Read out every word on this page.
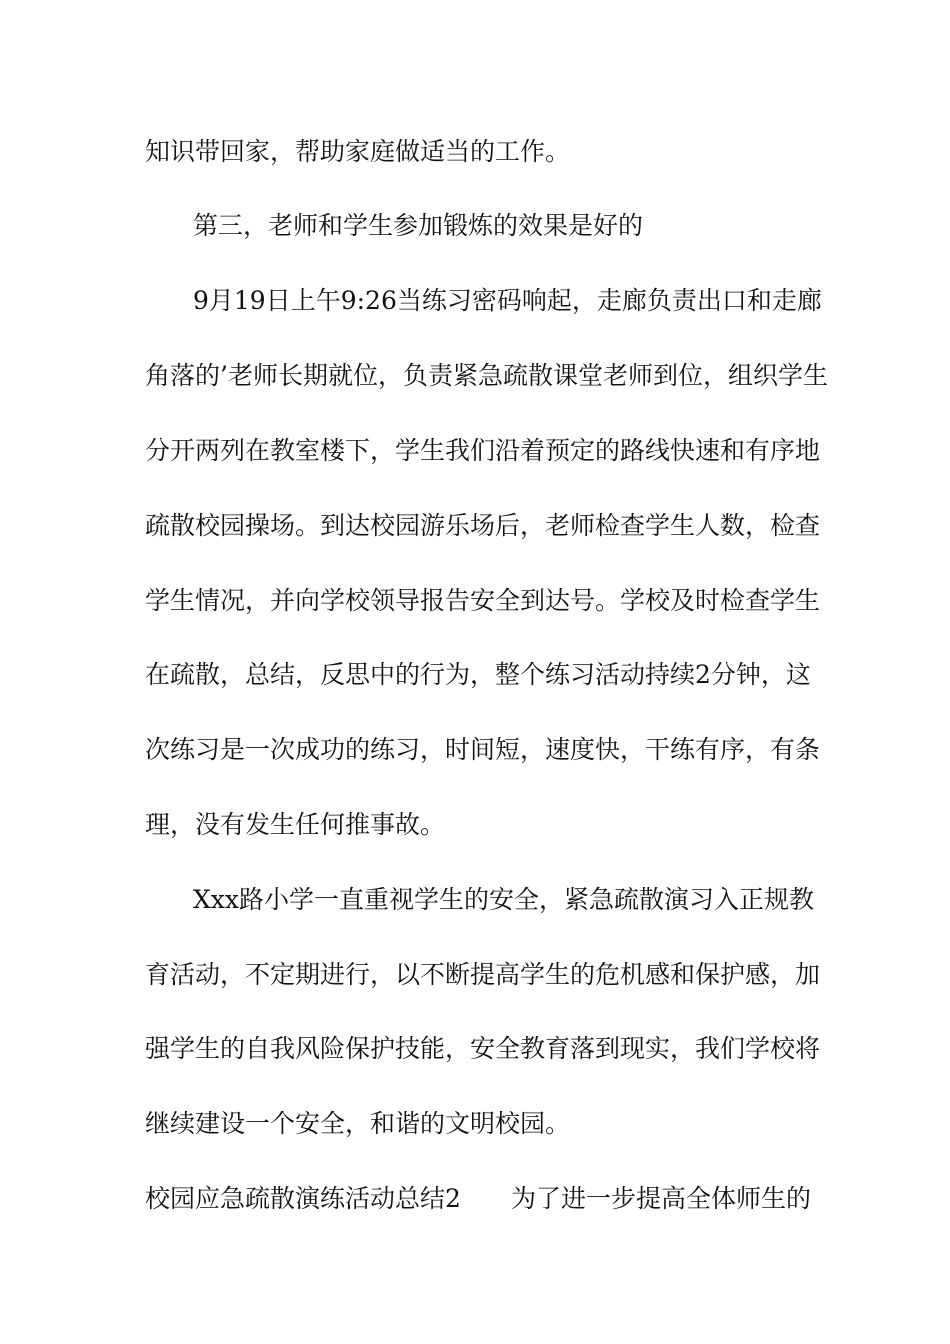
知识带回家，帮助家庭做适当的工作。
第三，老师和学生参加锻炼的效果是好的
9月19日上午9:26当练习密码响起，走廊负责出口和走廊
角落的’老师长期就位，负责紧急疏散课堂老师到位，组织学生
分开两列在教室楼下，学生我们沿着预定的路线快速和有序地
疏散校园操场。到达校园游乐场后，老师检查学生人数，检查
学生情况，并向学校领导报告安全到达号。学校及时检查学生
在疏散，总结，反思中的行为，整个练习活动持续2分钟，这
次练习是一次成功的练习，时间短，速度快，干练有序，有条
理，没有发生任何推事故。
Xxx路小学一直重视学生的安全，紧急疏散演习入正规教
育活动，不定期进行，以不断提高学生的危机感和保护感，加
强学生的自我风险保护技能，安全教育落到现实，我们学校将
继续建设一个安全，和谐的文明校园。
校园应急疏散演练活动总结2 为了进一步提高全体师生的
